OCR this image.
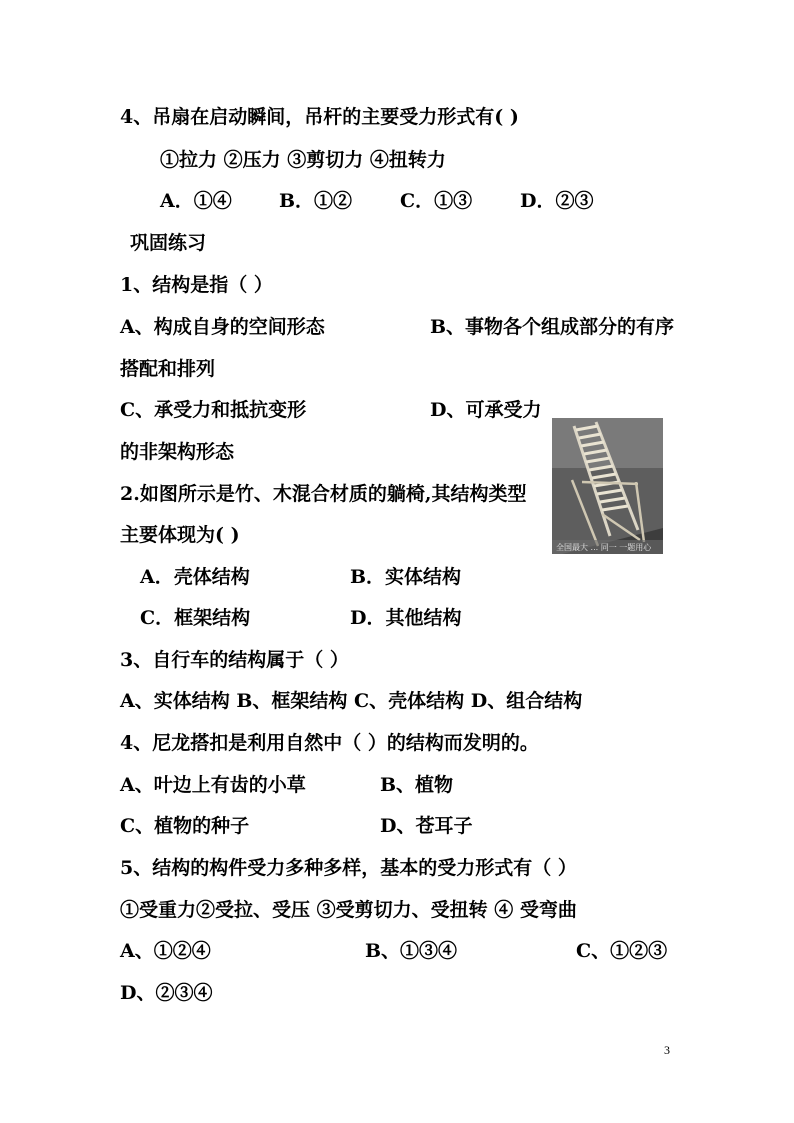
4、吊扇在启动瞬间，吊杆的主要受力形式有( )
①拉力 ②压力 ③剪切力 ④扭转力
A．①④ B．①②	C．①③	D．②③
巩固练习
1、结构是指（ ）
A、构成自身的空间形态	B、事物各个组成部分的有序
搭配和排列
C、承受力和抵抗变形	D、可承受力
的非架构形态
2.如图所示是竹、木混合材质的躺椅,其结构类型
主要体现为( )
全国最大 ... 同一 一题用心
A．壳体结构	B．实体结构
C．框架结构	D．其他结构
3、自行车的结构属于（ ）
A、实体结构 B、框架结构 C、壳体结构 D、组合结构
4、尼龙搭扣是利用自然中（ ）的结构而发明的。
A、叶边上有齿的小草	B、植物
C、植物的种子	D、苍耳子
5、结构的构件受力多种多样，基本的受力形式有（ ）
①受重力②受拉、受压 ③受剪切力、受扭转 ④ 受弯曲
A、①②④	B、①③④	C、①②③
D、②③④
3
